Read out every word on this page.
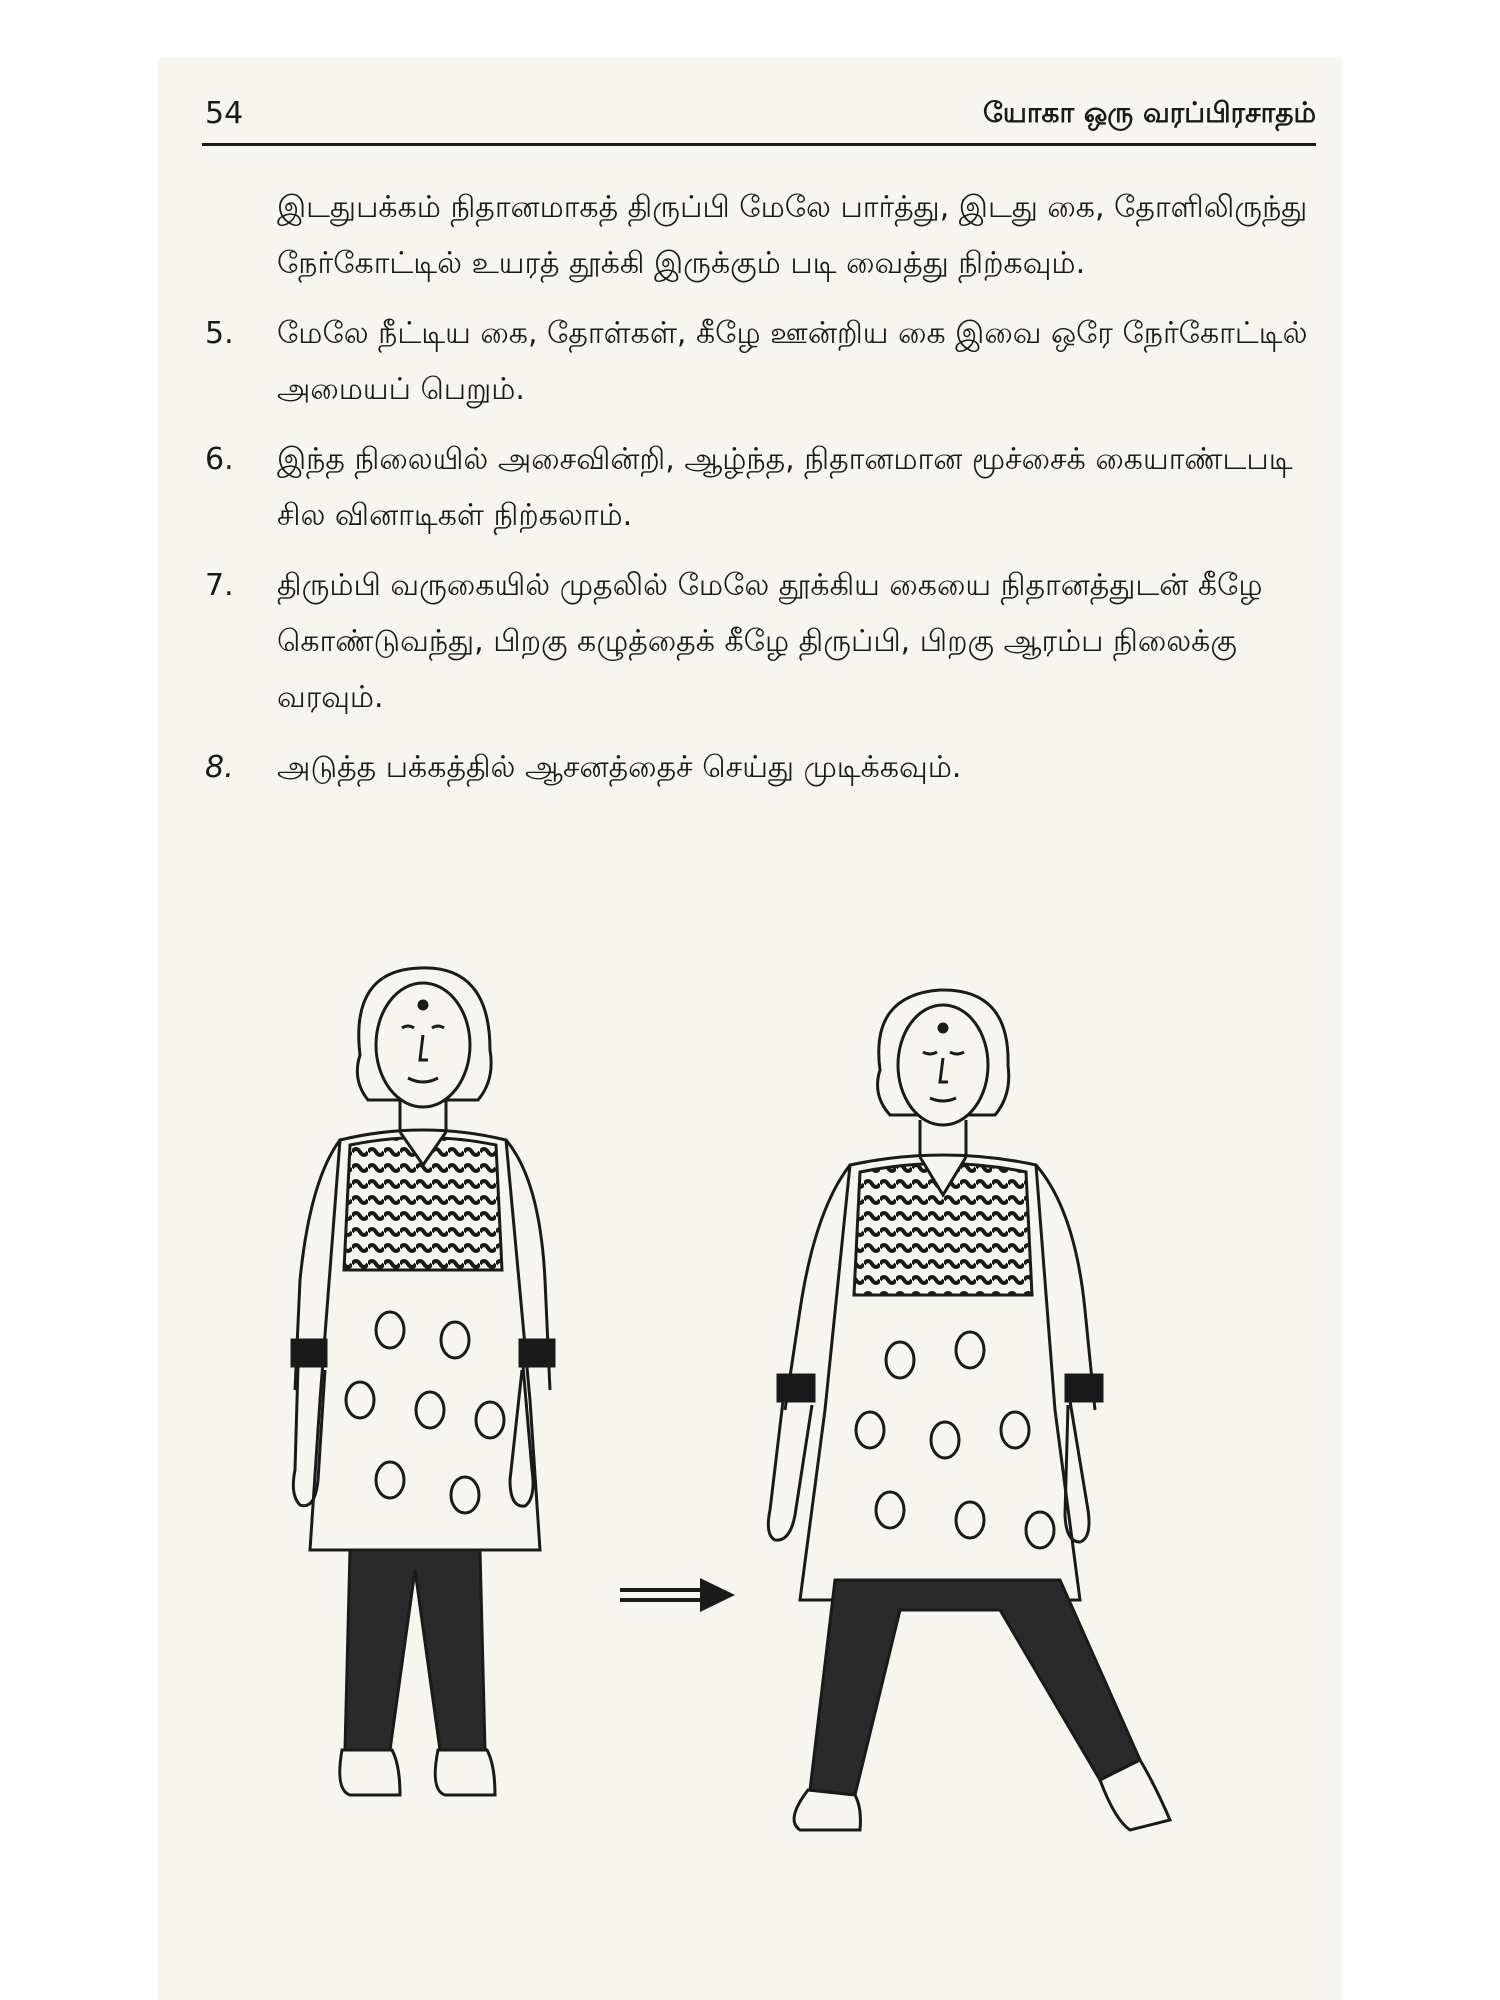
54	யோகா ஒரு வரப்பிரசாதம்
இடதுபக்கம் நிதானமாகத் திருப்பி மேலே பார்த்து, இடது கை, தோளிலிருந்து நேர்கோட்டில் உயரத் தூக்கி இருக்கும் படி வைத்து நிற்கவும்.
5.	மேலே நீட்டிய கை, தோள்கள், கீழே ஊன்றிய கை இவை ஒரே நேர்கோட்டில் அமையப் பெறும்.
6.	இந்த நிலையில் அசைவின்றி, ஆழ்ந்த, நிதானமான மூச்சைக் கையாண்டபடி சில வினாடிகள் நிற்கலாம்.
7.	திரும்பி வருகையில் முதலில் மேலே தூக்கிய கையை நிதானத்துடன் கீழே கொண்டுவந்து, பிறகு கழுத்தைக் கீழே திருப்பி, பிறகு ஆரம்ப நிலைக்கு வரவும்.
8.	அடுத்த பக்கத்தில் ஆசனத்தைச் செய்து முடிக்கவும்.
